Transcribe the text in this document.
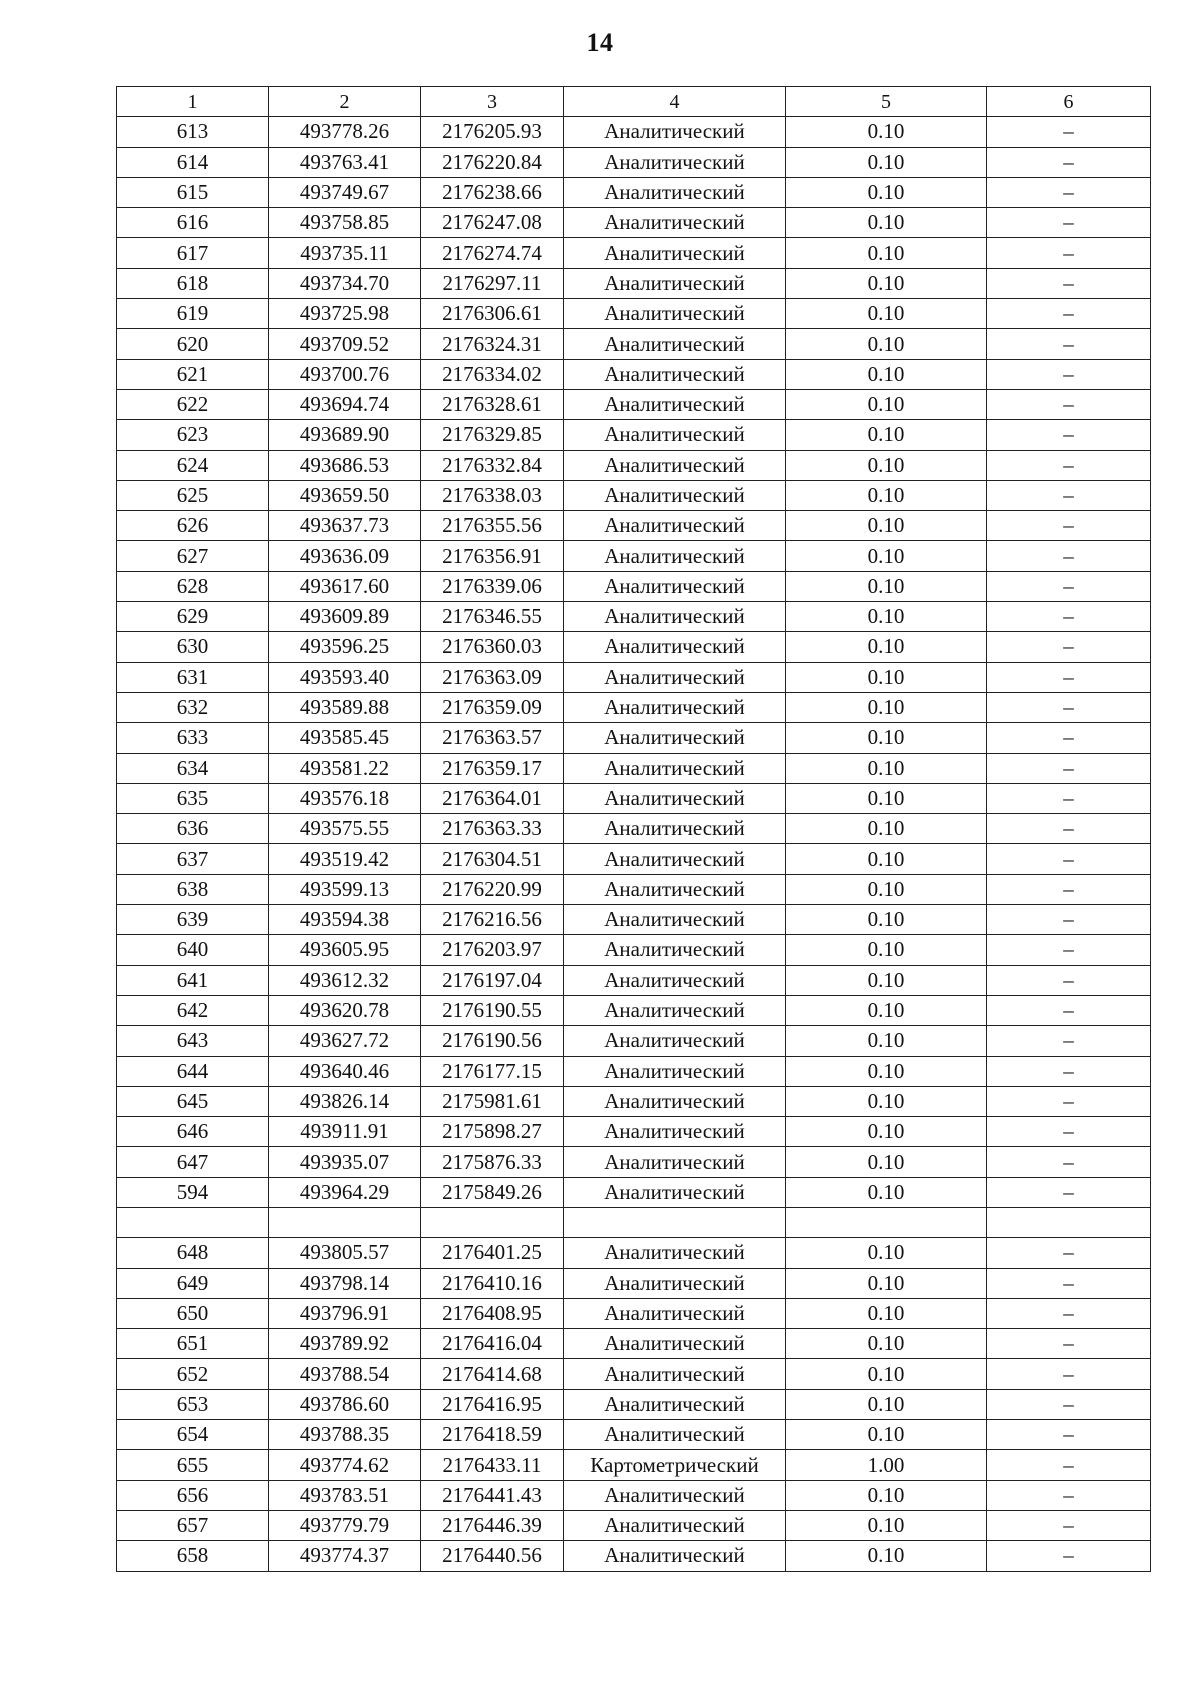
14
1	2	3	4	5	6
613	493778.26	2176205.93	Аналитический	0.10	–
614	493763.41	2176220.84	Аналитический	0.10	–
615	493749.67	2176238.66	Аналитический	0.10	–
616	493758.85	2176247.08	Аналитический	0.10	–
617	493735.11	2176274.74	Аналитический	0.10	–
618	493734.70	2176297.11	Аналитический	0.10	–
619	493725.98	2176306.61	Аналитический	0.10	–
620	493709.52	2176324.31	Аналитический	0.10	–
621	493700.76	2176334.02	Аналитический	0.10	–
622	493694.74	2176328.61	Аналитический	0.10	–
623	493689.90	2176329.85	Аналитический	0.10	–
624	493686.53	2176332.84	Аналитический	0.10	–
625	493659.50	2176338.03	Аналитический	0.10	–
626	493637.73	2176355.56	Аналитический	0.10	–
627	493636.09	2176356.91	Аналитический	0.10	–
628	493617.60	2176339.06	Аналитический	0.10	–
629	493609.89	2176346.55	Аналитический	0.10	–
630	493596.25	2176360.03	Аналитический	0.10	–
631	493593.40	2176363.09	Аналитический	0.10	–
632	493589.88	2176359.09	Аналитический	0.10	–
633	493585.45	2176363.57	Аналитический	0.10	–
634	493581.22	2176359.17	Аналитический	0.10	–
635	493576.18	2176364.01	Аналитический	0.10	–
636	493575.55	2176363.33	Аналитический	0.10	–
637	493519.42	2176304.51	Аналитический	0.10	–
638	493599.13	2176220.99	Аналитический	0.10	–
639	493594.38	2176216.56	Аналитический	0.10	–
640	493605.95	2176203.97	Аналитический	0.10	–
641	493612.32	2176197.04	Аналитический	0.10	–
642	493620.78	2176190.55	Аналитический	0.10	–
643	493627.72	2176190.56	Аналитический	0.10	–
644	493640.46	2176177.15	Аналитический	0.10	–
645	493826.14	2175981.61	Аналитический	0.10	–
646	493911.91	2175898.27	Аналитический	0.10	–
647	493935.07	2175876.33	Аналитический	0.10	–
594	493964.29	2175849.26	Аналитический	0.10	–

648	493805.57	2176401.25	Аналитический	0.10	–
649	493798.14	2176410.16	Аналитический	0.10	–
650	493796.91	2176408.95	Аналитический	0.10	–
651	493789.92	2176416.04	Аналитический	0.10	–
652	493788.54	2176414.68	Аналитический	0.10	–
653	493786.60	2176416.95	Аналитический	0.10	–
654	493788.35	2176418.59	Аналитический	0.10	–
655	493774.62	2176433.11	Картометрический	1.00	–
656	493783.51	2176441.43	Аналитический	0.10	–
657	493779.79	2176446.39	Аналитический	0.10	–
658	493774.37	2176440.56	Аналитический	0.10	–
